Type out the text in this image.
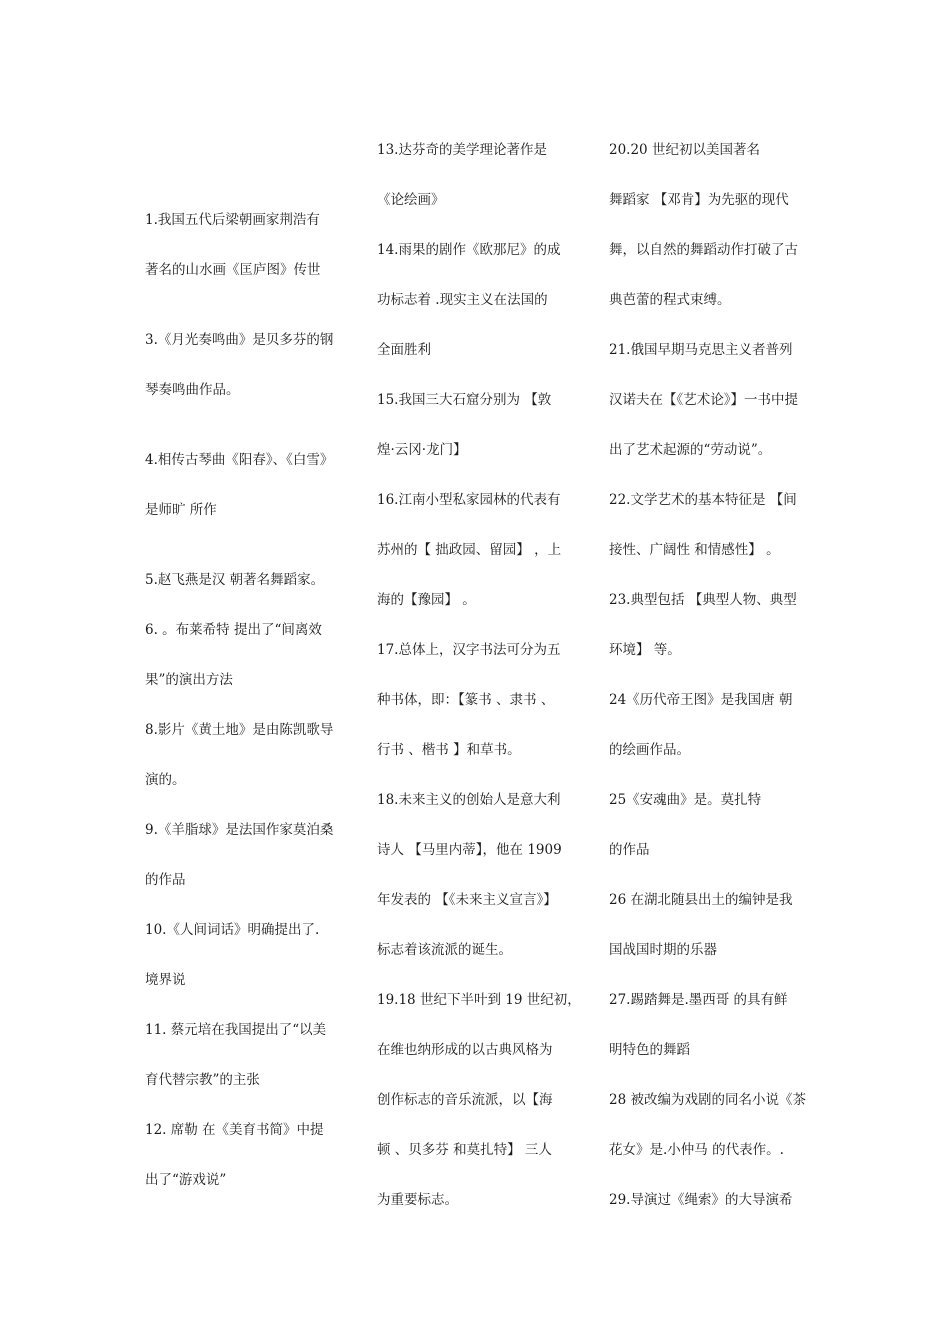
1.我国五代后梁朝画家荆浩有
著名的山水画《匡庐图》传世
3.《月光奏鸣曲》是贝多芬的钢
琴奏鸣曲作品。
4.相传古琴曲《阳春》、《白雪》
是师旷 所作
5.赵飞燕是汉 朝著名舞蹈家。
6. 。布莱希特 提出了“间离效
果”的演出方法
8.影片《黄土地》是由陈凯歌导
演的。
9.《羊脂球》是法国作家莫泊桑
的作品
10.《人间词话》明确提出了.
境界说
11. 蔡元培在我国提出了“以美
育代替宗教”的主张
12. 席勒 在《美育书简》中提
出了“游戏说”
13.达芬奇的美学理论著作是
《论绘画》
14.雨果的剧作《欧那尼》的成
功标志着 .现实主义在法国的
全面胜利
15.我国三大石窟分别为 【敦
煌·云冈·龙门】
16.江南小型私家园林的代表有
苏州的【 拙政园、留园】 ，上
海的【豫园】 。
17.总体上，汉字书法可分为五
种书体，即：【篆书 、隶书 、
行书 、楷书 】和草书。
18.未来主义的创始人是意大利
诗人 【马里内蒂】，他在 1909
年发表的 【《未来主义宣言》】
标志着该流派的诞生。
19.18 世纪下半叶到 19 世纪初，
在维也纳形成的以古典风格为
创作标志的音乐流派，以【海
顿 、贝多芬 和莫扎特】 三人
为重要标志。
20.20 世纪初以美国著名
舞蹈家 【邓肯】为先驱的现代
舞，以自然的舞蹈动作打破了古
典芭蕾的程式束缚。
21.俄国早期马克思主义者普列
汉诺夫在【《艺术论》】一书中提
出了艺术起源的“劳动说”。
22.文学艺术的基本特征是 【间
接性、广阔性 和情感性】 。
23.典型包括 【典型人物、典型
环境】 等。
24《历代帝王图》是我国唐 朝
的绘画作品。
25《安魂曲》是。莫扎特
的作品
26 在湖北随县出土的编钟是我
国战国时期的乐器
27.踢踏舞是.墨西哥 的具有鲜
明特色的舞蹈
28 被改编为戏剧的同名小说《茶
花女》是.小仲马 的代表作。.
29.导演过《绳索》的大导演希
